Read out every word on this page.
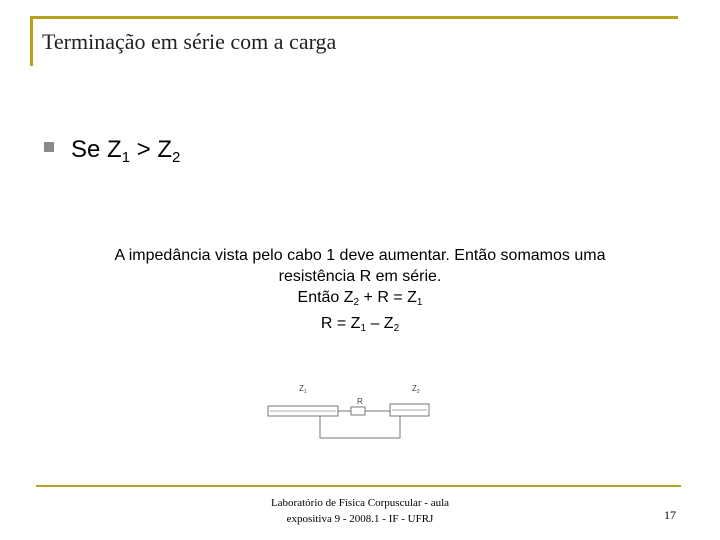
Terminação em série com a carga
Se $Z_1 > Z_2$

A impedância vista pelo cabo 1 deve aumentar. Então somamos uma

resistência R em série.

Então $Z_2 + R = Z_1$

$R = Z_1 - Z_2$

$Z_1$	$Z_2$
R

Laboratório de Física Corpuscular - aula

expositiva 9 - 2008.1 - IF - UFRJ	17
